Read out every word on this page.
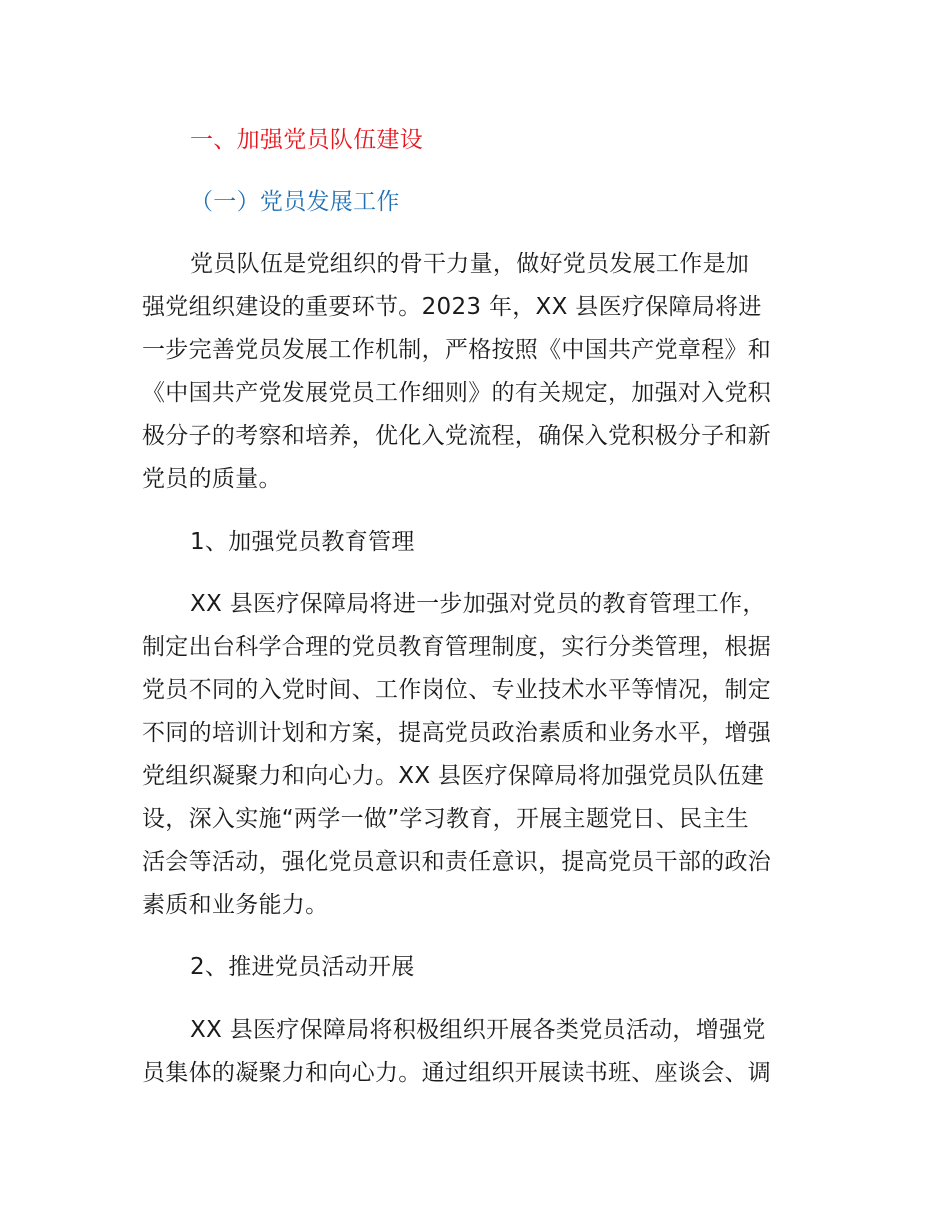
一、加强党员队伍建设
（一）党员发展工作
党员队伍是党组织的骨干力量，做好党员发展工作是加
强党组织建设的重要环节。2023 年，XX 县医疗保障局将进
一步完善党员发展工作机制，严格按照《中国共产党章程》和
《中国共产党发展党员工作细则》的有关规定，加强对入党积
极分子的考察和培养，优化入党流程，确保入党积极分子和新
党员的质量。
1、加强党员教育管理
XX 县医疗保障局将进一步加强对党员的教育管理工作，
制定出台科学合理的党员教育管理制度，实行分类管理，根据
党员不同的入党时间、工作岗位、专业技术水平等情况，制定
不同的培训计划和方案，提高党员政治素质和业务水平，增强
党组织凝聚力和向心力。XX 县医疗保障局将加强党员队伍建
设，深入实施“两学一做”学习教育，开展主题党日、民主生
活会等活动，强化党员意识和责任意识，提高党员干部的政治
素质和业务能力。
2、推进党员活动开展
XX 县医疗保障局将积极组织开展各类党员活动，增强党
员集体的凝聚力和向心力。通过组织开展读书班、座谈会、调
